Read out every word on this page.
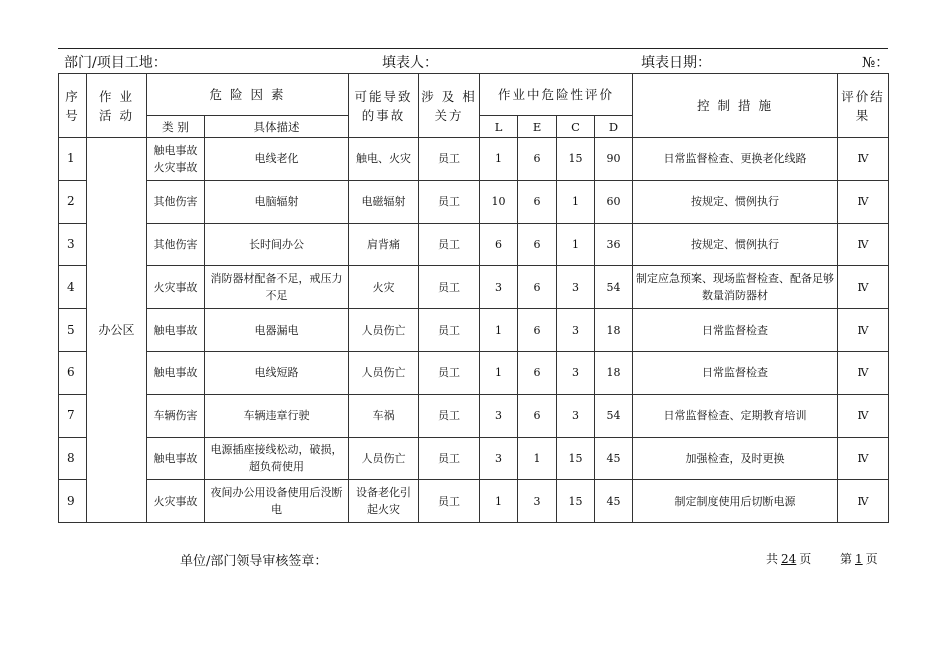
部门/项目工地：	填表人：	填表日期：	№：
序号	作 业 活 动	危 险 因 素		可能导致的事故	涉 及 相关方	作业中危险性评价				控 制 措 施	评价结果
		类 别	具体描述			L	E	C	D		
1	办公区	触电事故火灾事故	电线老化	触电、火灾	员工	1	6	15	90	日常监督检查、更换老化线路	Ⅳ
2		其他伤害	电脑辐射	电磁辐射	员工	10	6	1	60	按规定、惯例执行	Ⅳ
3		其他伤害	长时间办公	肩背痛	员工	6	6	1	36	按规定、惯例执行	Ⅳ
4		火灾事故	消防器材配备不足，戒压力不足	火灾	员工	3	6	3	54	制定应急预案、现场监督检查、配备足够数量消防器材	Ⅳ
5		触电事故	电器漏电	人员伤亡	员工	1	6	3	18	日常监督检查	Ⅳ
6		触电事故	电线短路	人员伤亡	员工	1	6	3	18	日常监督检查	Ⅳ
7		车辆伤害	车辆违章行驶	车祸	员工	3	6	3	54	日常监督检查、定期教育培训	Ⅳ
8		触电事故	电源插座接线松动，破损，超负荷使用	人员伤亡	员工	3	1	15	45	加强检查，及时更换	Ⅳ
9		火灾事故	夜间办公用设备使用后没断电	设备老化引起火灾	员工	1	3	15	45	制定制度使用后切断电源	Ⅳ
单位/部门领导审核签章：	共 24 页 第 1 页
